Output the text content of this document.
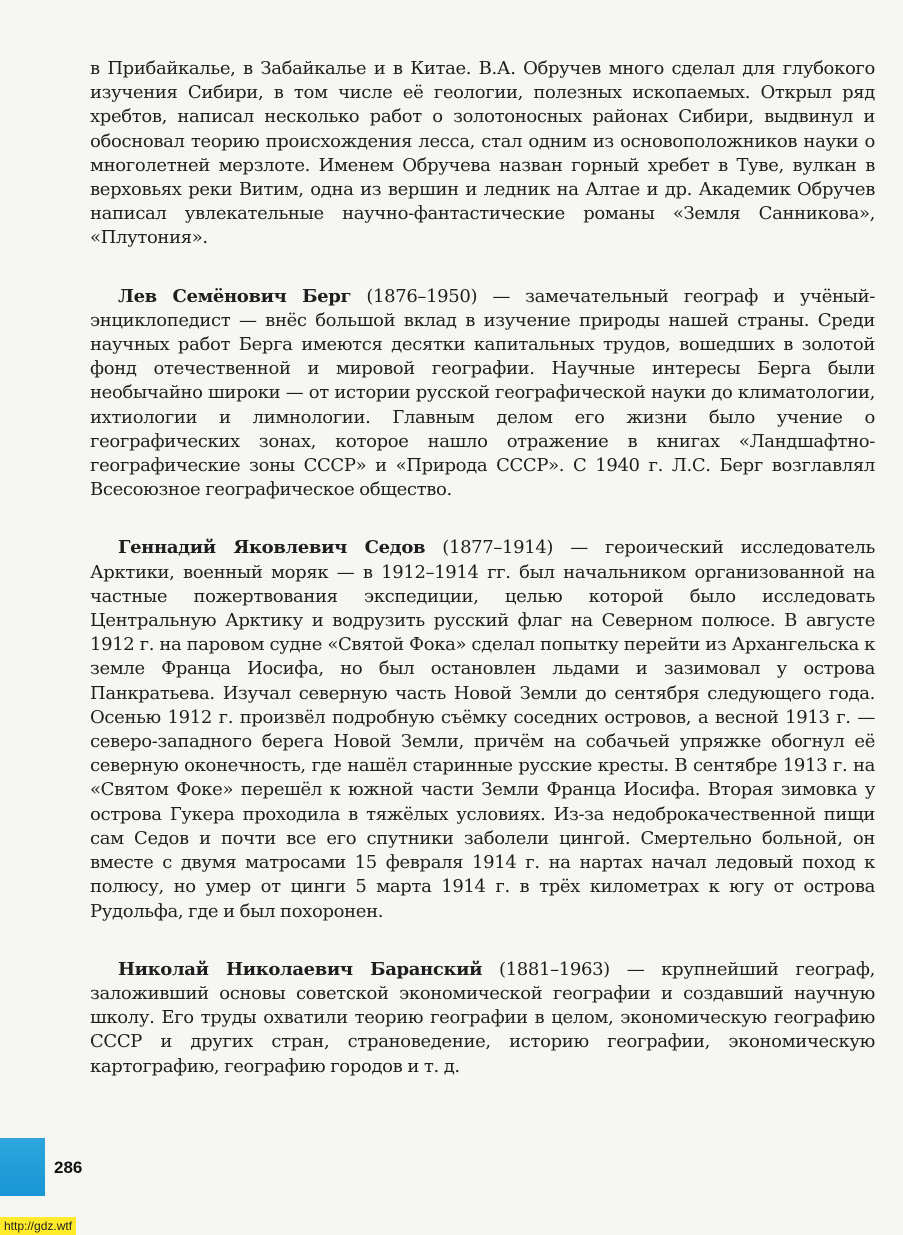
в Прибайкалье, в Забайкалье и в Китае. В.А. Обручев много сделал для глубокого изучения Сибири, в том числе её геологии, полезных ископаемых. Открыл ряд хребтов, написал несколько работ о золотоносных районах Сибири, выдвинул и обосновал теорию происхождения лесса, стал одним из основоположников науки о многолетней мерзлоте. Именем Обручева назван горный хребет в Туве, вулкан в верховьях реки Витим, одна из вершин и ледник на Алтае и др. Академик Обручев написал увлекательные научно-фантастические романы «Земля Санникова», «Плутония».

Лев Семёнович Берг (1876–1950) — замечательный географ и учёный-энциклопедист — внёс большой вклад в изучение природы нашей страны. Среди научных работ Берга имеются десятки капитальных трудов, вошедших в золотой фонд отечественной и мировой географии. Научные интересы Берга были необычайно широки — от истории русской географической науки до климатологии, ихтиологии и лимнологии. Главным делом его жизни было учение о географических зонах, которое нашло отражение в книгах «Ландшафтно-географические зоны СССР» и «Природа СССР». С 1940 г. Л.С. Берг возглавлял Всесоюзное географическое общество.

Геннадий Яковлевич Седов (1877–1914) — героический исследователь Арктики, военный моряк — в 1912–1914 гг. был начальником организованной на частные пожертвования экспедиции, целью которой было исследовать Центральную Арктику и водрузить русский флаг на Северном полюсе. В августе 1912 г. на паровом судне «Святой Фока» сделал попытку перейти из Архангельска к земле Франца Иосифа, но был остановлен льдами и зазимовал у острова Панкратьева. Изучал северную часть Новой Земли до сентября следующего года. Осенью 1912 г. произвёл подробную съёмку соседних островов, а весной 1913 г. — северо-западного берега Новой Земли, причём на собачьей упряжке обогнул её северную оконечность, где нашёл старинные русские кресты. В сентябре 1913 г. на «Святом Фоке» перешёл к южной части Земли Франца Иосифа. Вторая зимовка у острова Гукера проходила в тяжёлых условиях. Из-за недоброкачественной пищи сам Седов и почти все его спутники заболели цингой. Смертельно больной, он вместе с двумя матросами 15 февраля 1914 г. на нартах начал ледовый поход к полюсу, но умер от цинги 5 марта 1914 г. в трёх километрах к югу от острова Рудольфа, где и был похоронен.

Николай Николаевич Баранский (1881–1963) — крупнейший географ, заложивший основы советской экономической географии и создавший научную школу. Его труды охватили теорию географии в целом, экономическую географию СССР и других стран, страноведение, историю географии, экономическую картографию, географию городов и т. д.

286
http://gdz.wtf
